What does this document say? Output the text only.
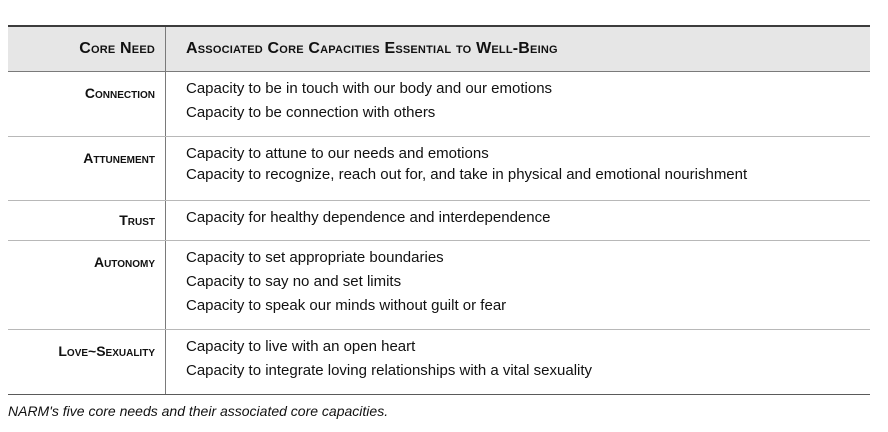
Core Need	Associated Core Capacities Essential to Well-Being
Connection	Capacity to be in touch with our body and our emotions
Capacity to be connection with others
Attunement	Capacity to attune to our needs and emotions
Capacity to recognize, reach out for, and take in physical and emotional nourishment
Trust	Capacity for healthy dependence and interdependence
Autonomy	Capacity to set appropriate boundaries
Capacity to say no and set limits
Capacity to speak our minds without guilt or fear
Love~Sexuality	Capacity to live with an open heart
Capacity to integrate loving relationships with a vital sexuality
NARM's five core needs and their associated core capacities.
